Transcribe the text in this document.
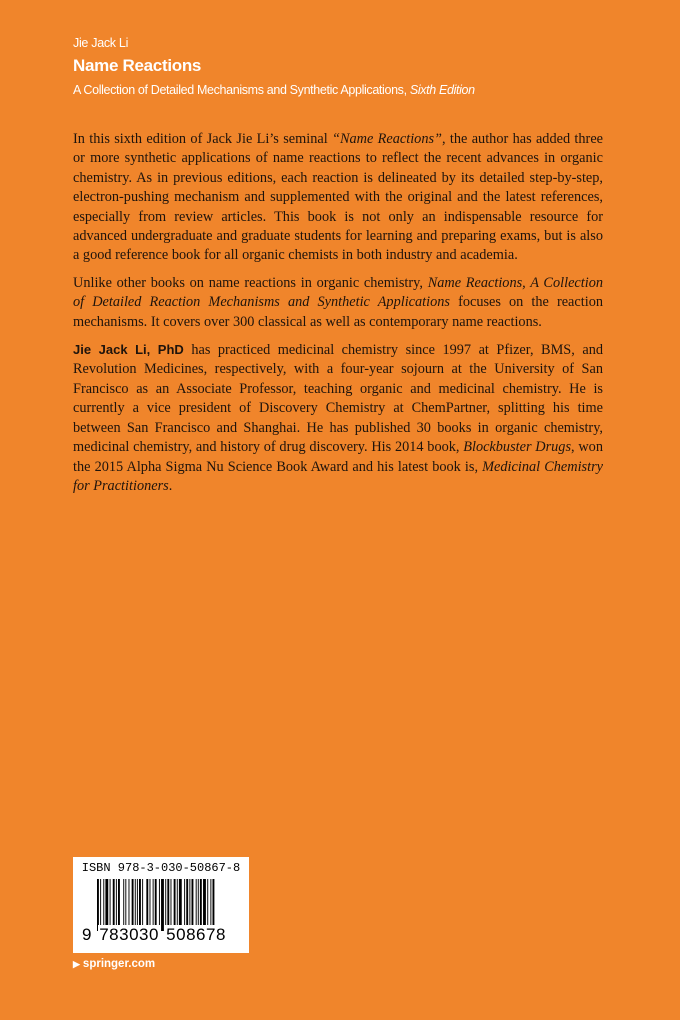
Jie Jack Li
Name Reactions
A Collection of Detailed Mechanisms and Synthetic Applications, Sixth Edition

In this sixth edition of Jack Jie Li’s seminal “Name Reactions”, the author has added three or more synthetic applications of name reactions to reflect the recent advances in organic chemistry. As in previous editions, each reaction is delineated by its detailed step-by-step, electron-pushing mechanism and supplemented with the original and the latest references, especially from review articles. This book is not only an indispensable resource for advanced undergraduate and graduate students for learning and preparing exams, but is also a good reference book for all organic chemists in both industry and academia.

Unlike other books on name reactions in organic chemistry, Name Reactions, A Collection of Detailed Reaction Mechanisms and Synthetic Applications focuses on the reaction mechanisms. It covers over 300 classical as well as contemporary name reactions.

Jie Jack Li, PhD has practiced medicinal chemistry since 1997 at Pfizer, BMS, and Revolution Medicines, respectively, with a four-year sojourn at the University of San Francisco as an Associate Professor, teaching organic and medicinal chemistry. He is currently a vice president of Discovery Chemistry at ChemPartner, splitting his time between San Francisco and Shanghai. He has published 30 books in organic chemistry, medicinal chemistry, and history of drug discovery. His 2014 book, Blockbuster Drugs, won the 2015 Alpha Sigma Nu Science Book Award and his latest book is, Medicinal Chemistry for Practitioners.

ISBN 978-3-030-50867-8
9 783030 508678
▶ springer.com
